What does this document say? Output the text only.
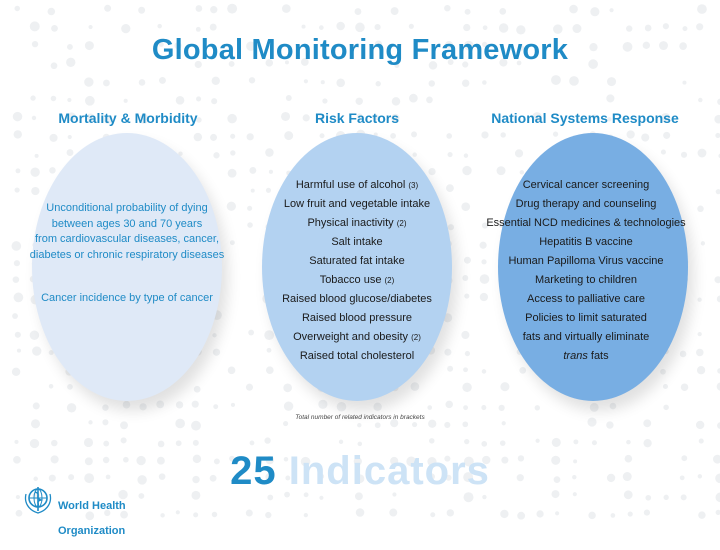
Global Monitoring Framework
Mortality & Morbidity	Risk Factors	National Systems Response
Unconditional probability of dying
between ages 30 and 70 years
from cardiovascular diseases, cancer,
diabetes or chronic respiratory diseases
Cancer incidence by type of cancer
Harmful use of alcohol (3)
Low fruit and vegetable intake
Physical inactivity (2)
Salt intake
Saturated fat intake
Tobacco use (2)
Raised blood glucose/diabetes
Raised blood pressure
Overweight and obesity (2)
Raised total cholesterol
Cervical cancer screening
Drug therapy and counseling
Essential NCD medicines & technologies
Hepatitis B vaccine
Human Papilloma Virus vaccine
Marketing to children
Access to palliative care
Policies to limit saturated
fats and virtually eliminate
trans fats
Total number of related indicators in brackets
25 Indicators

World Health

Organization
